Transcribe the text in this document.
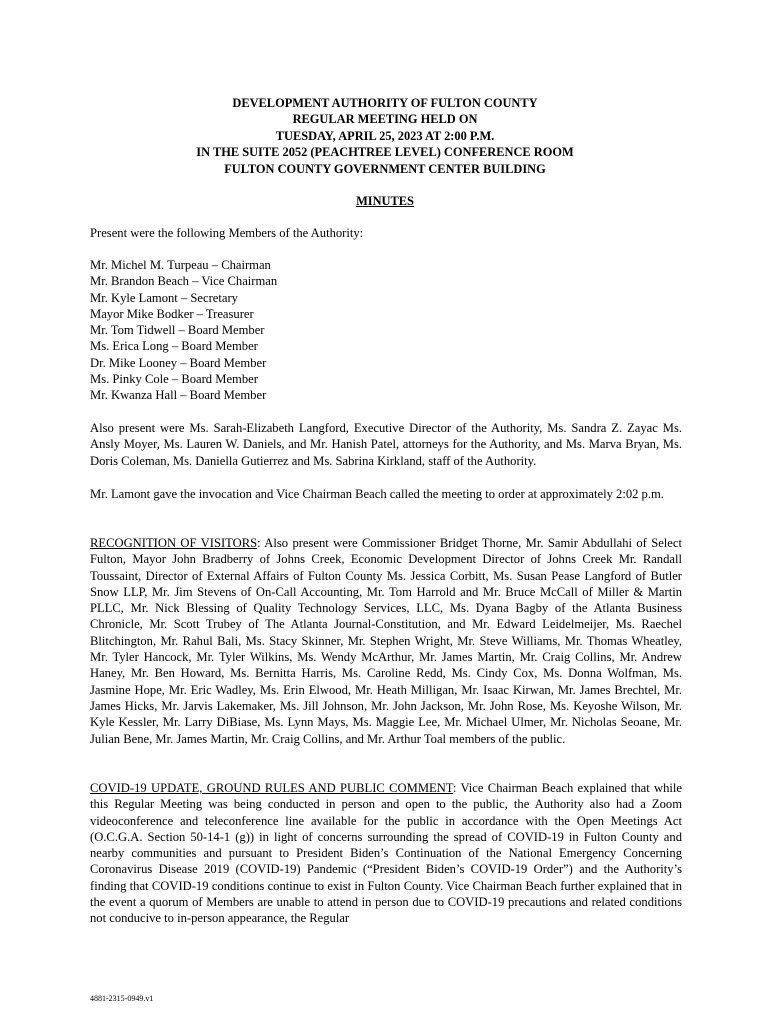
DEVELOPMENT AUTHORITY OF FULTON COUNTY
REGULAR MEETING HELD ON
TUESDAY, APRIL 25, 2023 AT 2:00 P.M.
IN THE SUITE 2052 (PEACHTREE LEVEL) CONFERENCE ROOM
FULTON COUNTY GOVERNMENT CENTER BUILDING
MINUTES
Present were the following Members of the Authority:
Mr. Michel M. Turpeau – Chairman
Mr. Brandon Beach – Vice Chairman
Mr. Kyle Lamont – Secretary
Mayor Mike Bodker – Treasurer
Mr. Tom Tidwell – Board Member
Ms. Erica Long – Board Member
Dr. Mike Looney – Board Member
Ms. Pinky Cole – Board Member
Mr. Kwanza Hall – Board Member
Also present were Ms. Sarah-Elizabeth Langford, Executive Director of the Authority, Ms. Sandra Z. Zayac Ms. Ansly Moyer, Ms. Lauren W. Daniels, and Mr. Hanish Patel, attorneys for the Authority, and Ms. Marva Bryan, Ms. Doris Coleman, Ms. Daniella Gutierrez and Ms. Sabrina Kirkland, staff of the Authority.
Mr. Lamont gave the invocation and Vice Chairman Beach called the meeting to order at approximately 2:02 p.m.
RECOGNITION OF VISITORS: Also present were Commissioner Bridget Thorne, Mr. Samir Abdullahi of Select Fulton, Mayor John Bradberry of Johns Creek, Economic Development Director of Johns Creek Mr. Randall Toussaint, Director of External Affairs of Fulton County Ms. Jessica Corbitt, Ms. Susan Pease Langford of Butler Snow LLP, Mr. Jim Stevens of On-Call Accounting, Mr. Tom Harrold and Mr. Bruce McCall of Miller & Martin PLLC, Mr. Nick Blessing of Quality Technology Services, LLC, Ms. Dyana Bagby of the Atlanta Business Chronicle, Mr. Scott Trubey of The Atlanta Journal-Constitution, and Mr. Edward Leidelmeijer, Ms. Raechel Blitchington, Mr. Rahul Bali, Ms. Stacy Skinner, Mr. Stephen Wright, Mr. Steve Williams, Mr. Thomas Wheatley, Mr. Tyler Hancock, Mr. Tyler Wilkins, Ms. Wendy McArthur, Mr. James Martin, Mr. Craig Collins, Mr. Andrew Haney, Mr. Ben Howard, Ms. Bernitta Harris, Ms. Caroline Redd, Ms. Cindy Cox, Ms. Donna Wolfman, Ms. Jasmine Hope, Mr. Eric Wadley, Ms. Erin Elwood, Mr. Heath Milligan, Mr. Isaac Kirwan, Mr. James Brechtel, Mr. James Hicks, Mr. Jarvis Lakemaker, Ms. Jill Johnson, Mr. John Jackson, Mr. John Rose, Ms. Keyoshe Wilson, Mr. Kyle Kessler, Mr. Larry DiBiase, Ms. Lynn Mays, Ms. Maggie Lee, Mr. Michael Ulmer, Mr. Nicholas Seoane, Mr. Julian Bene, Mr. James Martin, Mr. Craig Collins, and Mr. Arthur Toal members of the public.
COVID-19 UPDATE, GROUND RULES AND PUBLIC COMMENT: Vice Chairman Beach explained that while this Regular Meeting was being conducted in person and open to the public, the Authority also had a Zoom videoconference and teleconference line available for the public in accordance with the Open Meetings Act (O.C.G.A. Section 50-14-1 (g)) in light of concerns surrounding the spread of COVID-19 in Fulton County and nearby communities and pursuant to President Biden’s Continuation of the National Emergency Concerning Coronavirus Disease 2019 (COVID-19) Pandemic (“President Biden’s COVID-19 Order”) and the Authority’s finding that COVID-19 conditions continue to exist in Fulton County. Vice Chairman Beach further explained that in the event a quorum of Members are unable to attend in person due to COVID-19 precautions and related conditions not conducive to in-person appearance, the Regular
4881-2315-0949.v1
